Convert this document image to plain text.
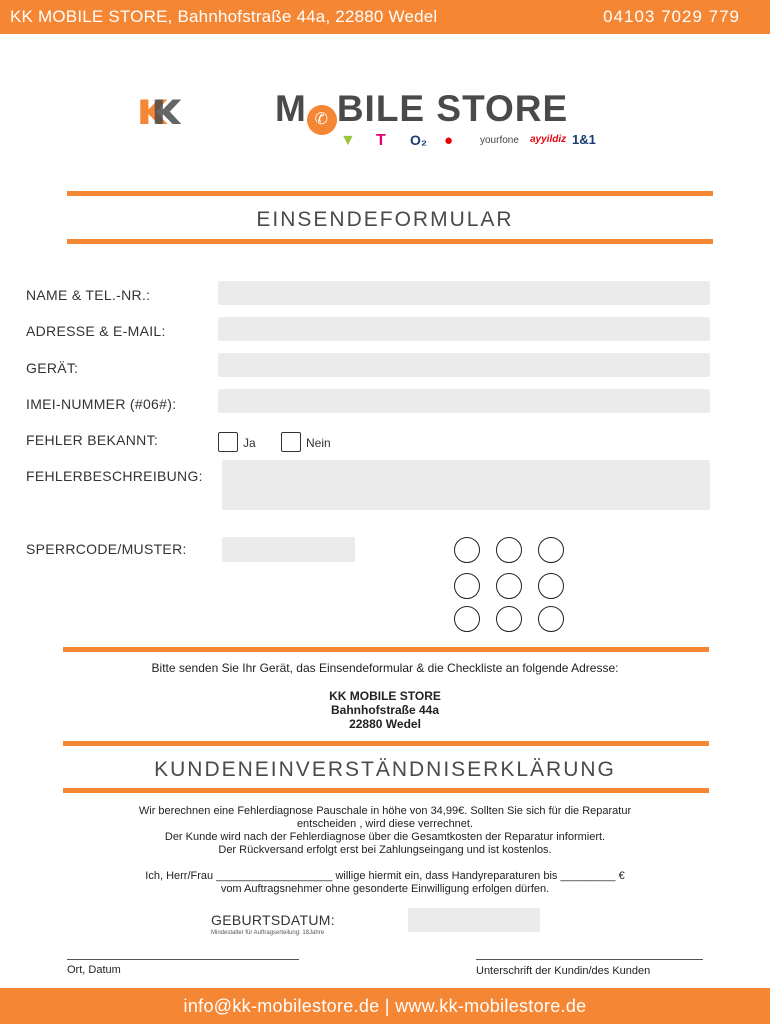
KK MOBILE STORE, Bahnhofstraße 44a, 22880 Wedel	04103 7029 779
M ✆ BILE STORE
▼ T O₂ ●	yourfone ayyildiz 1&1
EINSENDEFORMULAR
NAME & TEL.-NR.:
ADRESSE & E-MAIL:
GERÄT:
IMEI-NUMMER (#06#):
FEHLER BEKANNT:	Ja	Nein
FEHLERBESCHREIBUNG:
SPERRCODE/MUSTER:
Bitte senden Sie Ihr Gerät, das Einsendeformular & die Checkliste an folgende Adresse:
KK MOBILE STORE
Bahnhofstraße 44a
22880 Wedel
KUNDENEINVERSTÄNDNISERKLÄRUNG
Wir berechnen eine Fehlerdiagnose Pauschale in höhe von 34,99€. Sollten Sie sich für die Reparatur
entscheiden , wird diese verrechnet.
Der Kunde wird nach der Fehlerdiagnose über die Gesamtkosten der Reparatur informiert.
Der Rückversand erfolgt erst bei Zahlungseingang und ist kostenlos.
Ich, Herr/Frau ___________________ willige hiermit ein, dass Handyreparaturen bis _________ €
vom Auftragsnehmer ohne gesonderte Einwilligung erfolgen dürfen.
GEBURTSDATUM:
Mindestalter für Auftragserteilung: 18Jahre
Ort, Datum	Unterschrift der Kundin/des Kunden
info@kk-mobilestore.de | www.kk-mobilestore.de
